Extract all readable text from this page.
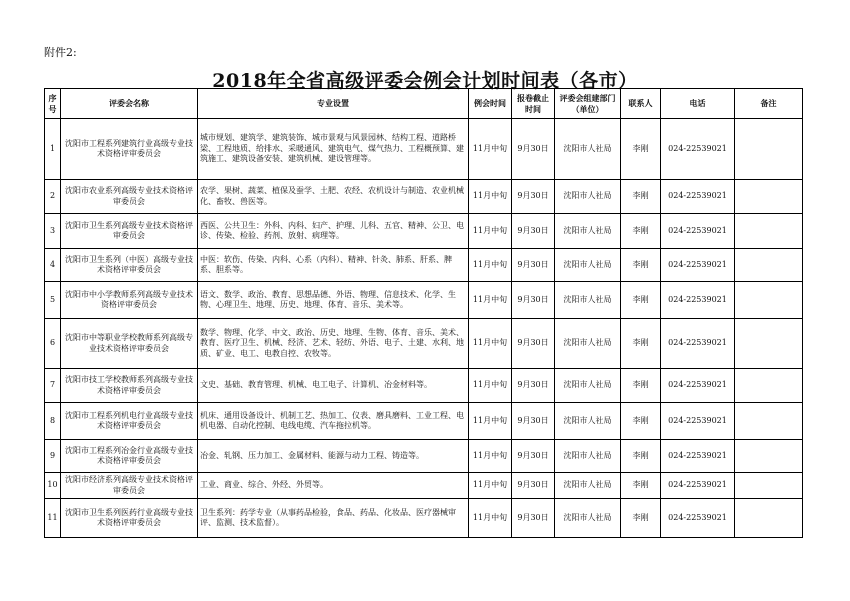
附件2:
2018年全省高级评委会例会计划时间表（各市）
序号	评委会名称	专业设置	例会时间	报卷截止时间	评委会组建部门（单位）	联系人	电话	备注
1	沈阳市工程系列建筑行业高级专业技术资格评审委员会	城市规划、建筑学、建筑装饰、城市景观与风景园林、结构工程、道路桥梁、工程地质、给排水、采暖通风、建筑电气、煤气热力、工程概预算、建筑施工、建筑设备安装、建筑机械、建设管理等。	11月中旬	9月30日	沈阳市人社局	李刚	024-22539021	
2	沈阳市农业系列高级专业技术资格评审委员会	农学、果树、蔬菜、植保及蚕学、土肥、农经、农机设计与制造、农业机械化、畜牧、兽医等。	11月中旬	9月30日	沈阳市人社局	李刚	024-22539021	
3	沈阳市卫生系列高级专业技术资格评审委员会	西医、公共卫生：外科、内科、妇产、护理、儿科、五官、精神、公卫、电诊、传染、检验、药剂、放射、病理等。	11月中旬	9月30日	沈阳市人社局	李刚	024-22539021	
4	沈阳市卫生系列（中医）高级专业技术资格评审委员会	中医：软伤、传染、内科、心系（内科）、精神、针灸、肺系、肝系、脾系、胆系等。	11月中旬	9月30日	沈阳市人社局	李刚	024-22539021	
5	沈阳市中小学教师系列高级专业技术资格评审委员会	语文、数学、政治、教育、思想品德、外语、物理、信息技术、化学、生物、心理卫生、地理、历史、地理、体育、音乐、美术等。	11月中旬	9月30日	沈阳市人社局	李刚	024-22539021	
6	沈阳市中等职业学校教师系列高级专业技术资格评审委员会	数学、物理、化学、中文、政治、历史、地理、生物、体育、音乐、美术、教育、医疗卫生、机械、经济、艺术、轻纺、外语、电子、土建、水利、地质、矿业、电工、电教自控、农牧等。	11月中旬	9月30日	沈阳市人社局	李刚	024-22539021	
7	沈阳市技工学校教师系列高级专业技术资格评审委员会	文史、基础、教育管理、机械、电工电子、计算机、冶金材料等。	11月中旬	9月30日	沈阳市人社局	李刚	024-22539021	
8	沈阳市工程系列机电行业高级专业技术资格评审委员会	机床、通用设备设计、机制工艺、热加工、仪表、磨具磨料、工业工程、电机电器、自动化控制、电线电缆、汽车拖拉机等。	11月中旬	9月30日	沈阳市人社局	李刚	024-22539021	
9	沈阳市工程系列冶金行业高级专业技术资格评审委员会	冶金、轧钢、压力加工、金属材料、能源与动力工程、铸造等。	11月中旬	9月30日	沈阳市人社局	李刚	024-22539021	
10	沈阳市经济系列高级专业技术资格评审委员会	工业、商业、综合、外经、外贸等。	11月中旬	9月30日	沈阳市人社局	李刚	024-22539021	
11	沈阳市卫生系列医药行业高级专业技术资格评审委员会	卫生系列：药学专业（从事药品检验，食品、药品、化妆品、医疗器械审评、监测、技术监督）。	11月中旬	9月30日	沈阳市人社局	李刚	024-22539021	
